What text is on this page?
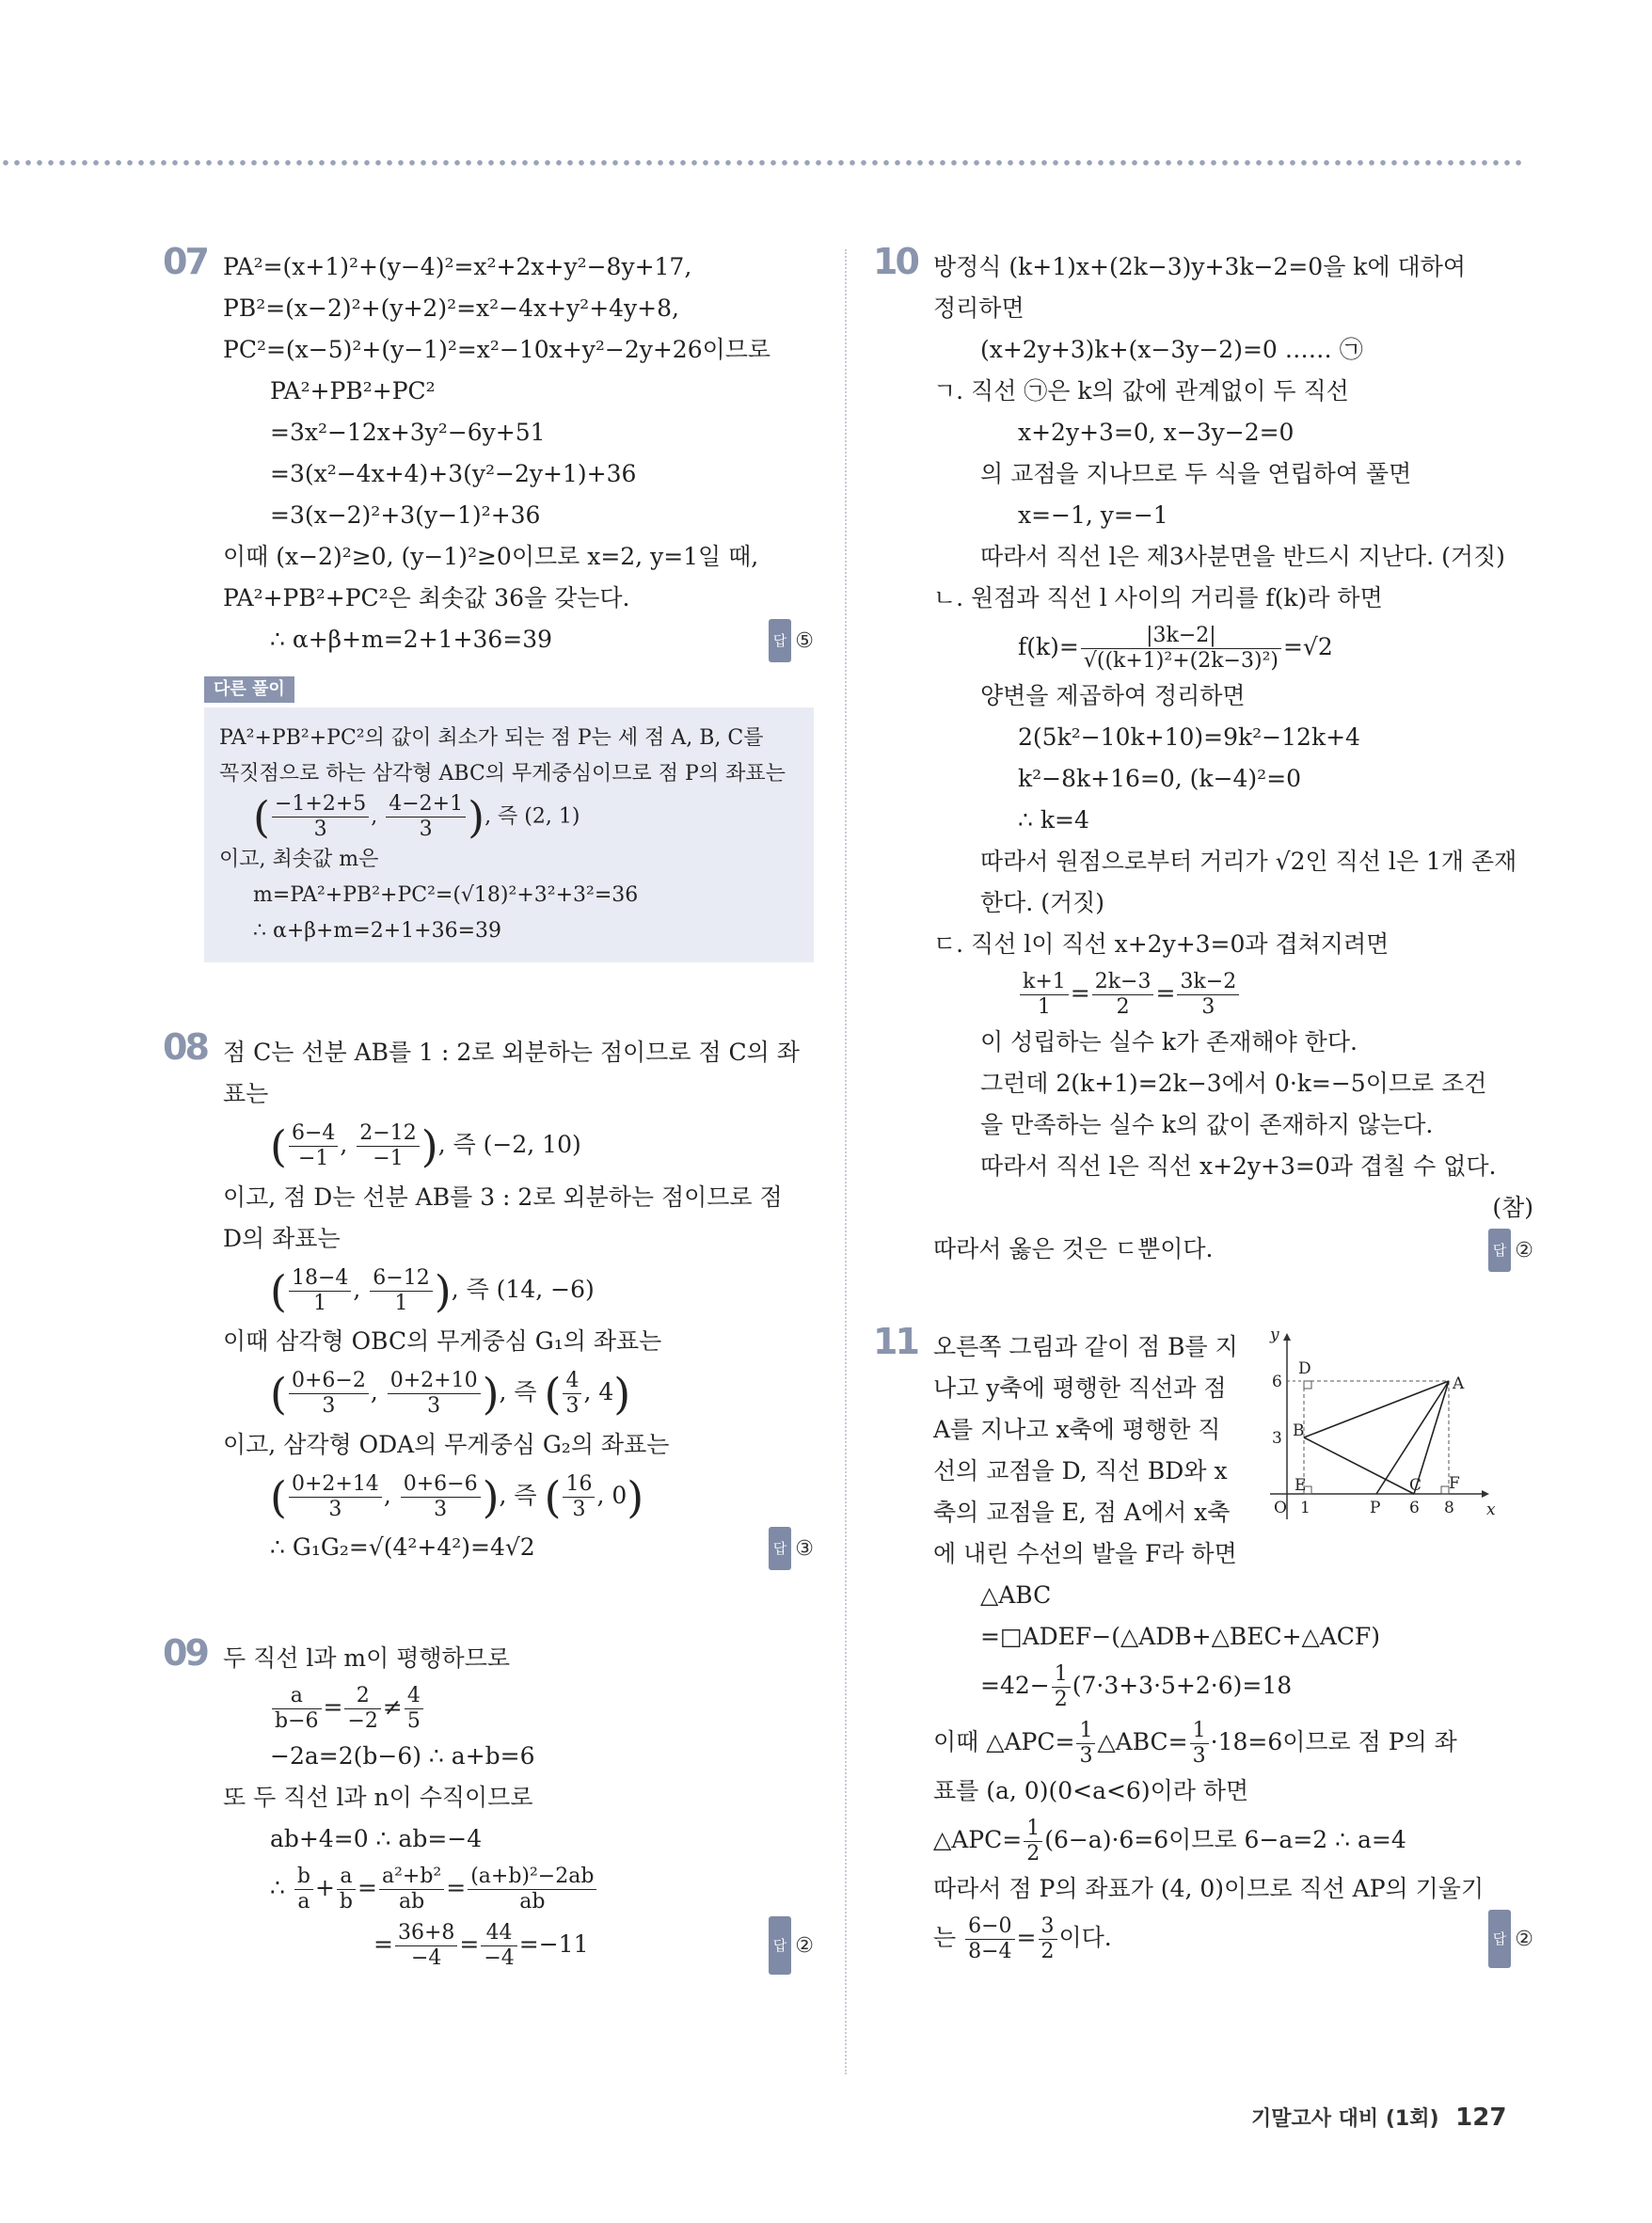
07 PA²=(x+1)²+(y−4)²=x²+2x+y²−8y+17,
PB²=(x−2)²+(y+2)²=x²−4x+y²+4y+8,
PC²=(x−5)²+(y−1)²=x²−10x+y²−2y+26이므로
PA²+PB²+PC²
=3x²−12x+3y²−6y+51
=3(x²−4x+4)+3(y²−2y+1)+36
=3(x−2)²+3(y−1)²+36
이때 (x−2)²≥0, (y−1)²≥0이므로 x=2, y=1일 때,
PA²+PB²+PC²은 최솟값 36을 갖는다.
∴ α+β+m=2+1+36=39	답 ⑤
다른 풀이
PA²+PB²+PC²의 값이 최소가 되는 점 P는 세 점 A, B, C를
꼭짓점으로 하는 삼각형 ABC의 무게중심이므로 점 P의 좌표는
( $\frac{-1+2+5}{3}$ , $\frac{4-2+1}{3}$ ), 즉 (2, 1)
이고, 최솟값 m은
m=PA²+PB²+PC²=(√18)²+3²+3²=36
∴ α+β+m=2+1+36=39
08 점 C는 선분 AB를 1 : 2로 외분하는 점이므로 점 C의 좌
표는
( $\frac{6-4}{-1}$ , $\frac{2-12}{-1}$ ), 즉 (−2, 10)
이고, 점 D는 선분 AB를 3 : 2로 외분하는 점이므로 점
D의 좌표는
( $\frac{18-4}{1}$ , $\frac{6-12}{1}$ ), 즉 (14, −6)
이때 삼각형 OBC의 무게중심 G₁의 좌표는
( $\frac{0+6-2}{3}$ , $\frac{0+2+10}{3}$ ), 즉 ( $\frac{4}{3}$ , 4)
이고, 삼각형 ODA의 무게중심 G₂의 좌표는
( $\frac{0+2+14}{3}$ , $\frac{0+6-6}{3}$ ), 즉 ( $\frac{16}{3}$ , 0)
∴ G₁G₂=√(4²+4²)=4√2	답 ③
09 두 직선 l과 m이 평행하므로
$\frac{a}{b-6} = \frac{2}{-2} \ne \frac{4}{5}$
−2a=2(b−6) ∴ a+b=6
또 두 직선 l과 n이 수직이므로
ab+4=0 ∴ ab=−4
∴ $\frac{b}{a} + \frac{a}{b} = \frac{\text{a²+b²}}{ab} = \frac{\text{(a+b)²−2ab}}{ab}$
= $\frac{36+8}{-4} = \frac{44}{-4} =-11$	답 ②
10 방정식 (k+1)x+(2k−3)y+3k−2=0을 k에 대하여
정리하면
(x+2y+3)k+(x−3y−2)=0 …… ㉠
ㄱ. 직선 ㉠은 k의 값에 관계없이 두 직선
x+2y+3=0, x−3y−2=0
의 교점을 지나므로 두 식을 연립하여 풀면
x=−1, y=−1
따라서 직선 l은 제3사분면을 반드시 지난다. (거짓)
ㄴ. 원점과 직선 l 사이의 거리를 f(k)라 하면
$f(k)= \frac{|3k-2|}{\text{√((k+1)²+(2k−3)²)}} =√2$
양변을 제곱하여 정리하면
2(5k²−10k+10)=9k²−12k+4
k²−8k+16=0, (k−4)²=0
∴ k=4
따라서 원점으로부터 거리가 √2인 직선 l은 1개 존재
한다. (거짓)
ㄷ. 직선 l이 직선 x+2y+3=0과 겹쳐지려면
$\frac{k+1}{1} = \frac{2k-3}{2} = \frac{3k-2}{3}$
이 성립하는 실수 k가 존재해야 한다.
그런데 2(k+1)=2k−3에서 0·k=−5이므로 조건
을 만족하는 실수 k의 값이 존재하지 않는다.
따라서 직선 l은 직선 x+2y+3=0과 겹칠 수 없다.
(참)
따라서 옳은 것은 ㄷ뿐이다.	답 ②
11 오른쪽 그림과 같이 점 B를 지
나고 y축에 평행한 직선과 점
A를 지나고 x축에 평행한 직
선의 교점을 D, 직선 BD와 x
축의 교점을 E, 점 A에서 x축
에 내린 수선의 발을 F라 하면
△ABC
=□ADEF−(△ADB+△BEC+△ACF)
$=42- \frac{1}{2} (7\cdot 3+3\cdot 5+2\cdot 6)=18$
이때 △APC= $\frac{1}{3}$ △ABC= $\frac{1}{3} \cdot 18=6$이므로 점 P의 좌
표를 (a, 0)(0<a<6)이라 하면
△APC= $\frac{1}{2} (6-a)\cdot 6=6$이므로 6−a=2 ∴ a=4
따라서 점 P의 좌표가 (4, 0)이므로 직선 AP의 기울기
는 $\frac{6-0}{8-4} = \frac{3}{2}$ 이다.	답 ②
y
x
O
D
A
B
E	C F
P
6
3
1	6 8
기말고사 대비 (1회) 127
